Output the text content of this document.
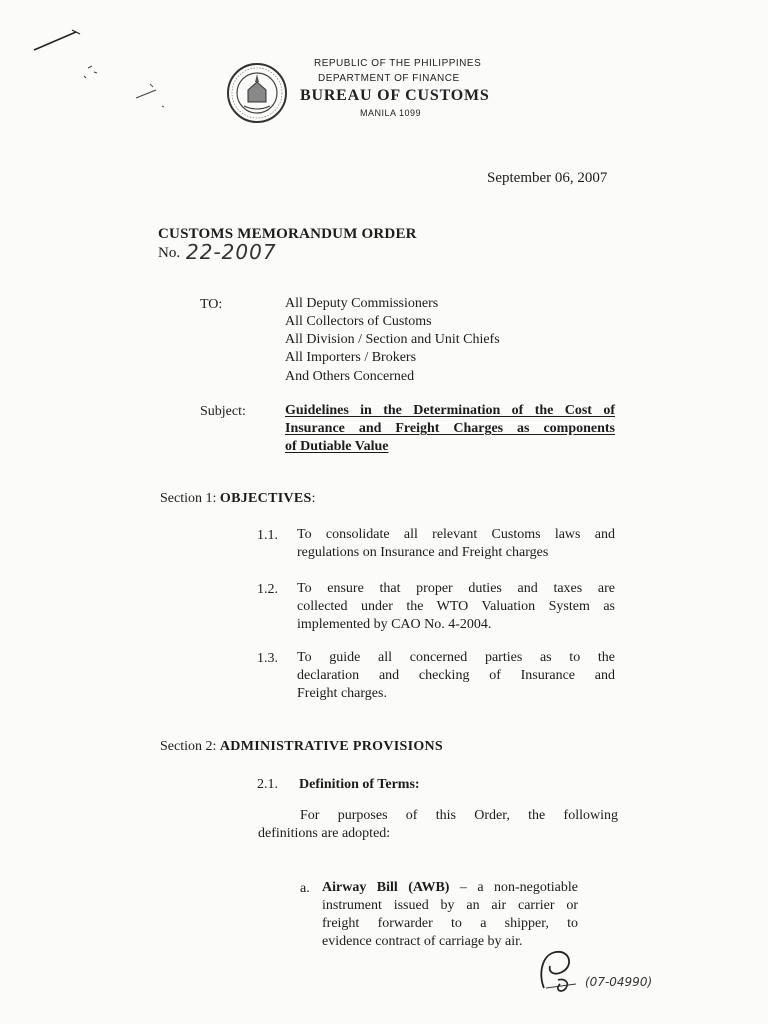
REPUBLIC OF THE PHILIPPINES
DEPARTMENT OF FINANCE
BUREAU OF CUSTOMS
MANILA 1099
September 06, 2007
CUSTOMS MEMORANDUM ORDER
No. 22-2007
TO:	All Deputy Commissioners
All Collectors of Customs
All Division / Section and Unit Chiefs
All Importers / Brokers
And Others Concerned
Subject:	Guidelines in the Determination of the Cost of
Insurance and Freight Charges as components
of Dutiable Value
Section 1: OBJECTIVES:
1.1. To consolidate all relevant Customs laws and
regulations on Insurance and Freight charges
1.2. To ensure that proper duties and taxes are
collected under the WTO Valuation System as
implemented by CAO No. 4-2004.
1.3. To guide all concerned parties as to the
declaration and checking of Insurance and
Freight charges.
Section 2: ADMINISTRATIVE PROVISIONS
2.1. Definition of Terms:
For purposes of this Order, the following
definitions are adopted:
a. Airway Bill (AWB) – a non-negotiable
instrument issued by an air carrier or
freight forwarder to a shipper, to
evidence contract of carriage by air.
(07-04990)
